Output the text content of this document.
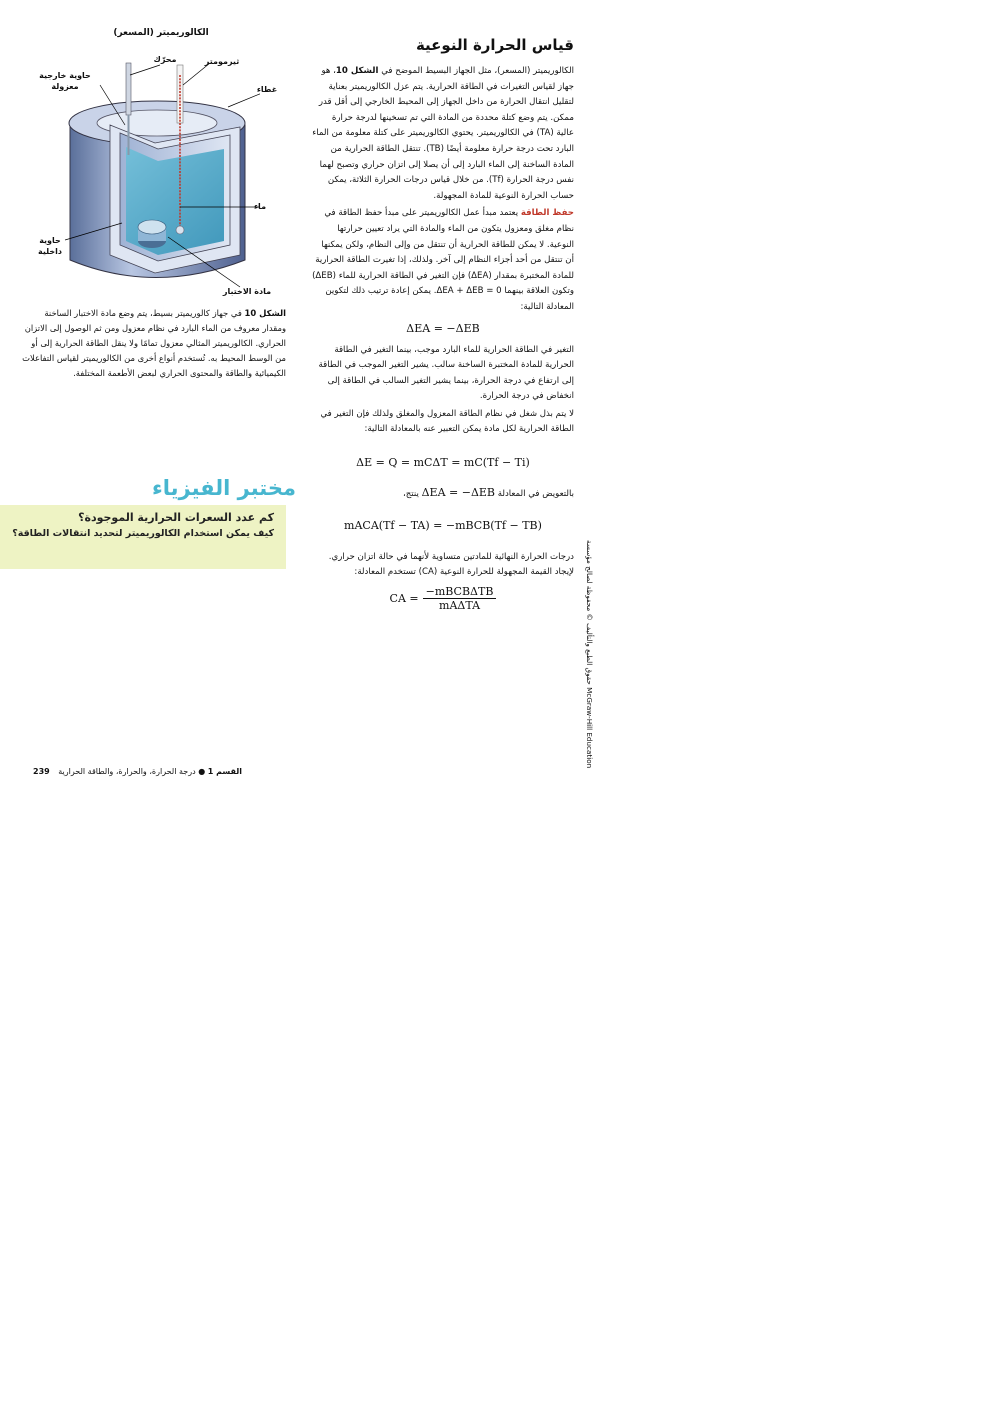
الكالوريميتر (المسعر)
محرّك	ثيرمومتر
حاوية خارجية معزولة	غطاء
ماء
حاوية داخلية
مادة الاختبار
الشكل 10 في جهاز كالوريميتر بسيط، يتم وضع مادة الاختبار الساخنة ومقدار معروف من الماء البارد في نظام معزول ومن ثم الوصول إلى الاتزان الحراري. الكالوريميتر المثالي معزول تمامًا ولا ينقل الطاقة الحرارية إلى أو من الوسط المحيط به. تُستخدم أنواع أخرى من الكالوريميتر لقياس التفاعلات الكيميائية والطاقة والمحتوى الحراري لبعض الأطعمة المختلفة.
مختبر الفيزياء
كم عدد السعرات الحرارية الموجودة؟
كيف يمكن استخدام الكالوريميتر لتحديد انتقالات الطاقة؟
قياس الحرارة النوعية

الكالوريميتر (المسعر)، مثل الجهاز البسيط الموضح في الشكل 10، هو جهاز لقياس التغيرات في الطاقة الحرارية. يتم عزل الكالوريميتر بعناية لتقليل انتقال الحرارة من داخل الجهاز إلى المحيط الخارجي إلى أقل قدر ممكن. يتم وضع كتلة محددة من المادة التي تم تسخينها لدرجة حرارة عالية (TA) في الكالوريميتر. يحتوي الكالوريميتر على كتلة معلومة من الماء البارد تحت درجة حرارة معلومة أيضًا (TB). تنتقل الطاقة الحرارية من المادة الساخنة إلى الماء البارد إلى أن يصلا إلى اتزان حراري وتصبح لهما نفس درجة الحرارة (Tf). من خلال قياس درجات الحرارة الثلاثة، يمكن حساب الحرارة النوعية للمادة المجهولة.

حفظ الطاقة يعتمد مبدأ عمل الكالوريميتر على مبدأ حفظ الطاقة في نظام مغلق ومعزول يتكون من الماء والمادة التي يراد تعيين حرارتها النوعية. لا يمكن للطاقة الحرارية أن تنتقل من وإلى النظام، ولكن يمكنها أن تنتقل من أحد أجزاء النظام إلى آخر. ولذلك، إذا تغيرت الطاقة الحرارية للمادة المختبرة بمقدار (ΔEA) فإن التغير في الطاقة الحرارية للماء (ΔEB) وتكون العلاقة بينهما ΔEA + ΔEB = 0. يمكن إعادة ترتيب ذلك لتكوين المعادلة التالية:

ΔEA = −ΔEB

التغير في الطاقة الحرارية للماء البارد موجب، بينما التغير في الطاقة الحرارية للمادة المختبرة الساخنة سالب. يشير التغير الموجب في الطاقة إلى ارتفاع في درجة الحرارة، بينما يشير التغير السالب في الطاقة إلى انخفاض في درجة الحرارة.

لا يتم بذل شغل في نظام الطاقة المعزول والمغلق ولذلك فإن التغير في الطاقة الحرارية لكل مادة يمكن التعبير عنه بالمعادلة التالية:

ΔE = Q = mCΔT = mC(Tf − Ti)

بالتعويض في المعادلة ΔEA = −ΔEB ينتج،

mACA(Tf − TA) = −mBCB(Tf − TB)

درجات الحرارة النهائية للمادتين متساوية لأنهما في حالة اتزان حراري. لإيجاد القيمة المجهولة للحرارة النوعية (CA) تستخدم المعادلة:

CA =
−mBCBΔTB
mAΔTA	حقوق الطبع والتأليف © محفوظة لصالح مؤسسة McGraw-Hill Education
القسم 1 ● درجة الحرارة، والحرارة، والطاقة الحرارية 239
